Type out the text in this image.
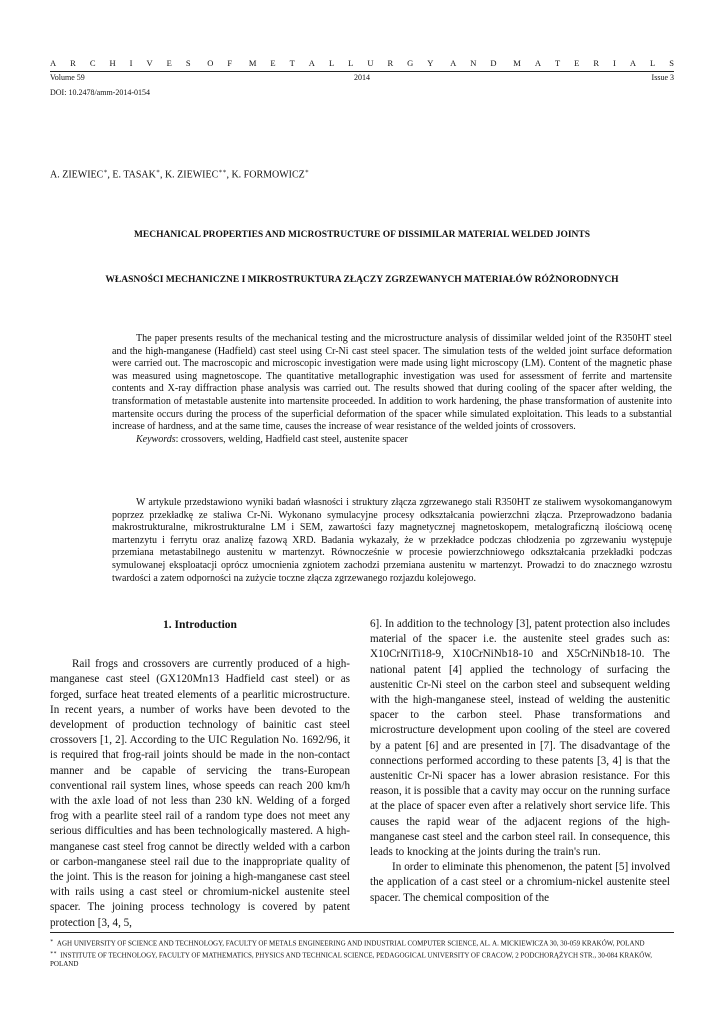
A R C H I V E S O F M E T A L L U R G Y A N D M A T E R I A L S
Volume 59	2014	Issue 3
DOI: 10.2478/amm-2014-0154
A. ZIEWIEC∗, E. TASAK∗, K. ZIEWIEC∗∗, K. FORMOWICZ∗
MECHANICAL PROPERTIES AND MICROSTRUCTURE OF DISSIMILAR MATERIAL WELDED JOINTS
WŁASNOŚCI MECHANICZNE I MIKROSTRUKTURA ZŁĄCZY ZGRZEWANYCH MATERIAŁÓW RÓŻNORODNYCH

The paper presents results of the mechanical testing and the microstructure analysis of dissimilar welded joint of the R350HT steel and the high-manganese (Hadfield) cast steel using Cr-Ni cast steel spacer. The simulation tests of the welded joint surface deformation were carried out. The macroscopic and microscopic investigation were made using light microscopy (LM). Content of the magnetic phase was measured using magnetoscope. The quantitative metallographic investigation was used for assessment of ferrite and martensite contents and X-ray diffraction phase analysis was carried out. The results showed that during cooling of the spacer after welding, the transformation of metastable austenite into martensite proceeded. In addition to work hardening, the phase transformation of austenite into martensite occurs during the process of the superficial deformation of the spacer while simulated exploitation. This leads to a substantial increase of hardness, and at the same time, causes the increase of wear resistance of the welded joints of crossovers.

Keywords: crossovers, welding, Hadfield cast steel, austenite spacer

W artykule przedstawiono wyniki badań własności i struktury złącza zgrzewanego stali R350HT ze staliwem wysokomanganowym poprzez przekładkę ze staliwa Cr-Ni. Wykonano symulacyjne procesy odkształcania powierzchni złącza. Przeprowadzono badania makrostrukturalne, mikrostrukturalne LM i SEM, zawartości fazy magnetycznej magnetoskopem, metalograficzną ilościową ocenę martenzytu i ferrytu oraz analizę fazową XRD. Badania wykazały, że w przekładce podczas chłodzenia po zgrzewaniu występuje przemiana metastabilnego austenitu w martenzyt. Równocześnie w procesie powierzchniowego odkształcania przekładki podczas symulowanej eksploatacji oprócz umocnienia zgniotem zachodzi przemiana austenitu w martenzyt. Prowadzi to do znacznego wzrostu twardości a zatem odporności na zużycie toczne złącza zgrzewanego rozjazdu kolejowego.

1. Introduction

Rail frogs and crossovers are currently produced of a high-manganese cast steel (GX120Mn13 Hadfield cast steel) or as forged, surface heat treated elements of a pearlitic microstructure. In recent years, a number of works have been devoted to the development of production technology of bainitic cast steel crossovers [1, 2]. According to the UIC Regulation No. 1692/96, it is required that frog-rail joints should be made in the non-contact manner and be capable of servicing the trans-European conventional rail system lines, whose speeds can reach 200 km/h with the axle load of not less than 230 kN. Welding of a forged frog with a pearlite steel rail of a random type does not meet any serious difficulties and has been technologically mastered. A high-manganese cast steel frog cannot be directly welded with a carbon or carbon-manganese steel rail due to the inappropriate quality of the joint. This is the reason for joining a high-manganese cast steel with rails using a cast steel or chromium-nickel austenite steel spacer. The joining process technology is covered by patent protection [3, 4, 5,

6]. In addition to the technology [3], patent protection also includes material of the spacer i.e. the austenite steel grades such as: X10CrNiTi18-9, X10CrNiNb18-10 and X5CrNiNb18-10. The national patent [4] applied the technology of surfacing the austenitic Cr-Ni steel on the carbon steel and subsequent welding with the high-manganese steel, instead of welding the austenitic spacer to the carbon steel. Phase transformations and microstructure development upon cooling of the steel are covered by a patent [6] and are presented in [7]. The disadvantage of the connections performed according to these patents [3, 4] is that the austenitic Cr-Ni spacer has a lower abrasion resistance. For this reason, it is possible that a cavity may occur on the running surface at the place of spacer even after a relatively short service life. This causes the rapid wear of the adjacent regions of the high-manganese cast steel and the carbon steel rail. In consequence, this leads to knocking at the joints during the train's run.

In order to eliminate this phenomenon, the patent [5] involved the application of a cast steel or a chromium-nickel austenite steel spacer. The chemical composition of the

∗ AGH UNIVERSITY OF SCIENCE AND TECHNOLOGY, FACULTY OF METALS ENGINEERING AND INDUSTRIAL COMPUTER SCIENCE, AL. A. MICKIEWICZA 30, 30-059 KRAKÓW, POLAND
∗∗ INSTITUTE OF TECHNOLOGY, FACULTY OF MATHEMATICS, PHYSICS AND TECHNICAL SCIENCE, PEDAGOGICAL UNIVERSITY OF CRACOW, 2 PODCHORĄŻYCH STR., 30-084 KRAKÓW, POLAND
